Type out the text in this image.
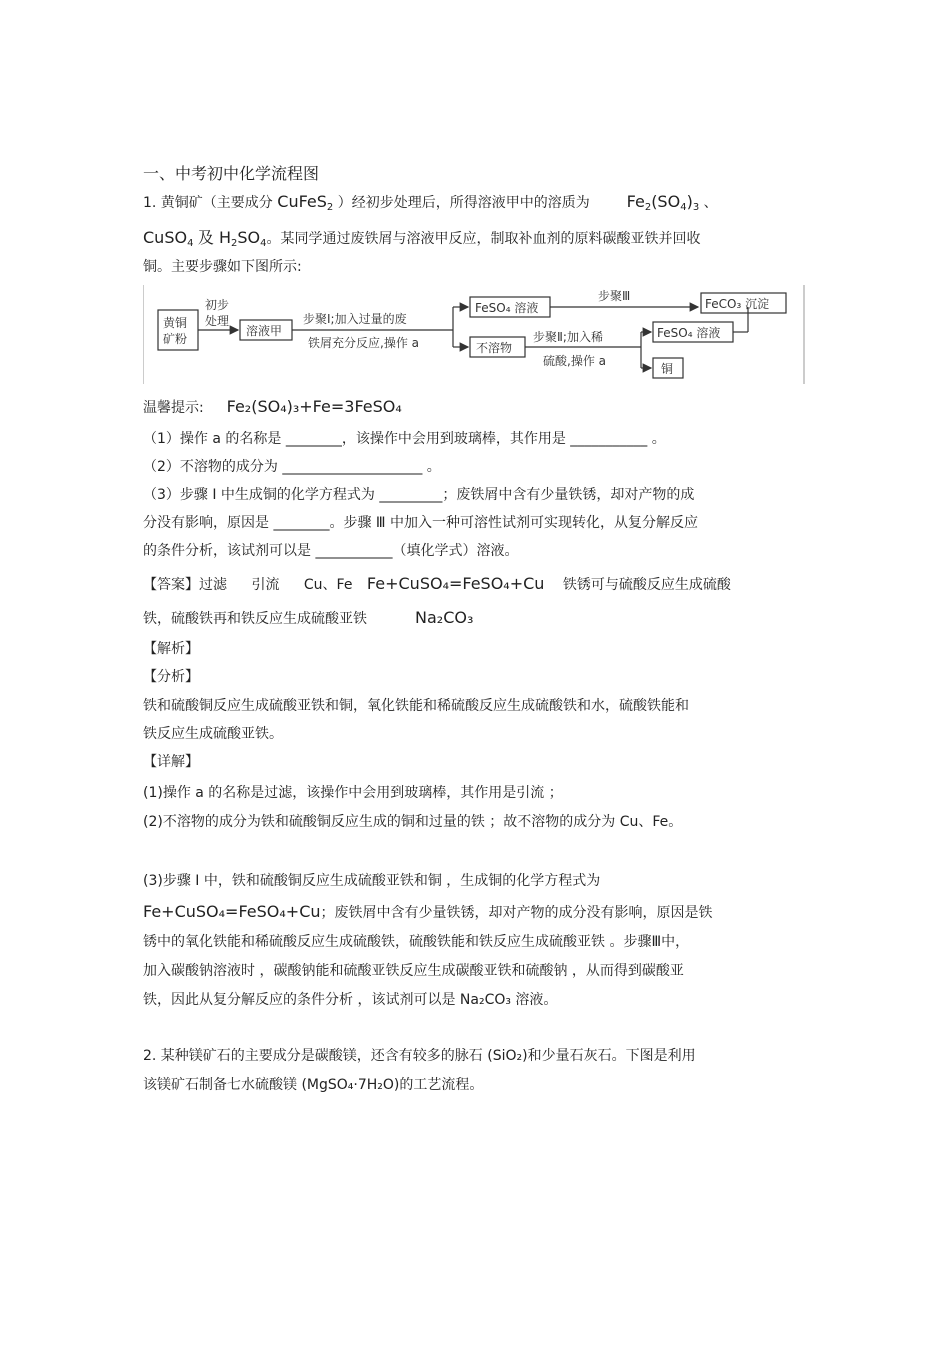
一、中考初中化学流程图
1. 黄铜矿（主要成分 CuFeS2 ）经初步处理后，所得溶液甲中的溶质为 Fe2(SO4)3 、
CuSO4 及 H2SO4。某同学通过废铁屑与溶液甲反应，制取补血剂的原料碳酸亚铁并回收
铜。主要步骤如下图所示:
黄铜
矿粉
初步
处理
溶液甲
步聚Ⅰ;加入过量的废
铁屑充分反应,操作 a
FeSO₄ 溶液
步聚Ⅲ
FeCO₃ 沉淀
不溶物
步聚Ⅱ;加入稀
硫酸,操作 a
FeSO₄ 溶液
铜
温馨提示: Fe₂(SO₄)₃+Fe=3FeSO₄
（1）操作 a 的名称是 ________，该操作中会用到玻璃棒，其作用是 ___________ 。
（2）不溶物的成分为 ____________________ 。
（3）步骤 Ⅰ 中生成铜的化学方程式为 _________；废铁屑中含有少量铁锈，却对产物的成
分没有影响，原因是 ________。步骤 Ⅲ 中加入一种可溶性试剂可实现转化，从复分解反应
的条件分析，该试剂可以是 ___________（填化学式）溶液。
【答案】过滤 引流 Cu、Fe Fe+CuSO₄=FeSO₄+Cu 铁锈可与硫酸反应生成硫酸
铁，硫酸铁再和铁反应生成硫酸亚铁	Na₂CO₃
【解析】
【分析】
铁和硫酸铜反应生成硫酸亚铁和铜，氧化铁能和稀硫酸反应生成硫酸铁和水，硫酸铁能和
铁反应生成硫酸亚铁。
【详解】
(1)操作 a 的名称是过滤，该操作中会用到玻璃棒，其作用是引流 ；
(2)不溶物的成分为铁和硫酸铜反应生成的铜和过量的铁 ；故不溶物的成分为 Cu、Fe。
(3)步骤 Ⅰ 中，铁和硫酸铜反应生成硫酸亚铁和铜 ，生成铜的化学方程式为
Fe+CuSO₄=FeSO₄+Cu；废铁屑中含有少量铁锈，却对产物的成分没有影响，原因是铁
锈中的氧化铁能和稀硫酸反应生成硫酸铁，硫酸铁能和铁反应生成硫酸亚铁 。步骤Ⅲ中，
加入碳酸钠溶液时 ，碳酸钠能和硫酸亚铁反应生成碳酸亚铁和硫酸钠 ，从而得到碳酸亚
铁，因此从复分解反应的条件分析 ，该试剂可以是 Na₂CO₃ 溶液。
2. 某种镁矿石的主要成分是碳酸镁，还含有较多的脉石 (SiO₂)和少量石灰石。下图是利用
该镁矿石制备七水硫酸镁 (MgSO₄·7H₂O)的工艺流程。
